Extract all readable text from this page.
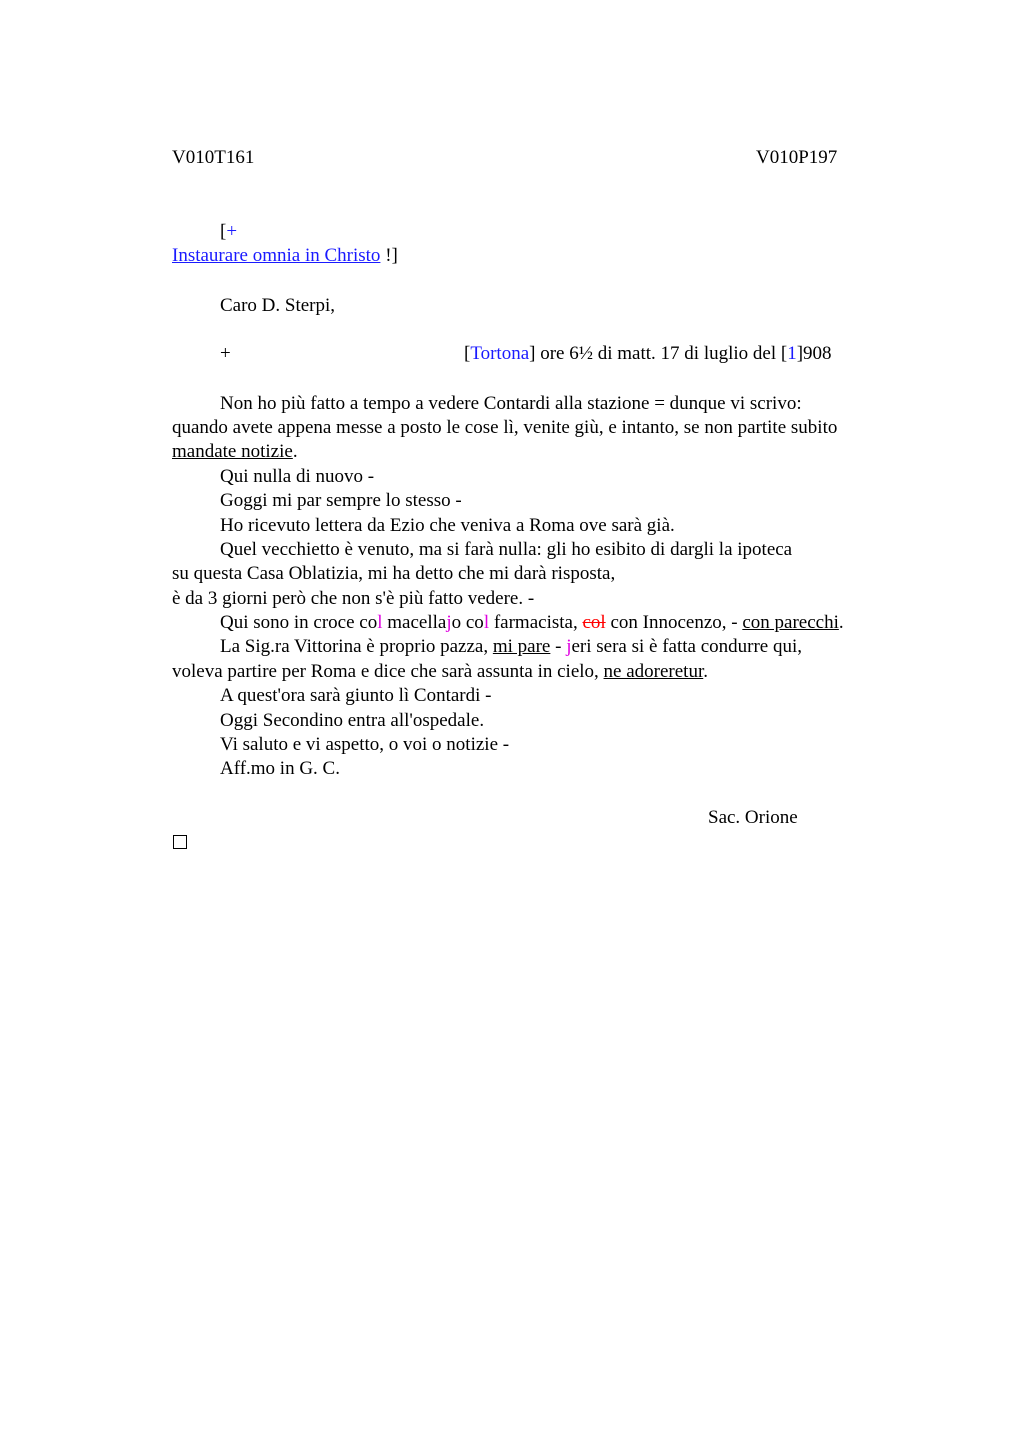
V010T161	V010P197
[+
Instaurare omnia in Christo !]
Caro D. Sterpi,
+	[Tortona] ore 6½ di matt. 17 di luglio del [1]908
Non ho più fatto a tempo a vedere Contardi alla stazione = dunque vi scrivo:
quando avete appena messe a posto le cose lì, venite giù, e intanto, se non partite subito
mandate notizie.
Qui nulla di nuovo -
Goggi mi par sempre lo stesso -
Ho ricevuto lettera da Ezio che veniva a Roma ove sarà già.
Quel vecchietto è venuto, ma si farà nulla: gli ho esibito di dargli la ipoteca
su questa Casa Oblatizia, mi ha detto che mi darà risposta,
è da 3 giorni però che non s'è più fatto vedere. -
Qui sono in croce col macellajo col farmacista, col con Innocenzo, - con parecchi.
La Sig.ra Vittorina è proprio pazza, mi pare - jeri sera si è fatta condurre qui,
voleva partire per Roma e dice che sarà assunta in cielo, ne adoreretur.
A quest'ora sarà giunto lì Contardi -
Oggi Secondino entra all'ospedale.
Vi saluto e vi aspetto, o voi o notizie -
Aff.mo in G. C.
Sac. Orione
